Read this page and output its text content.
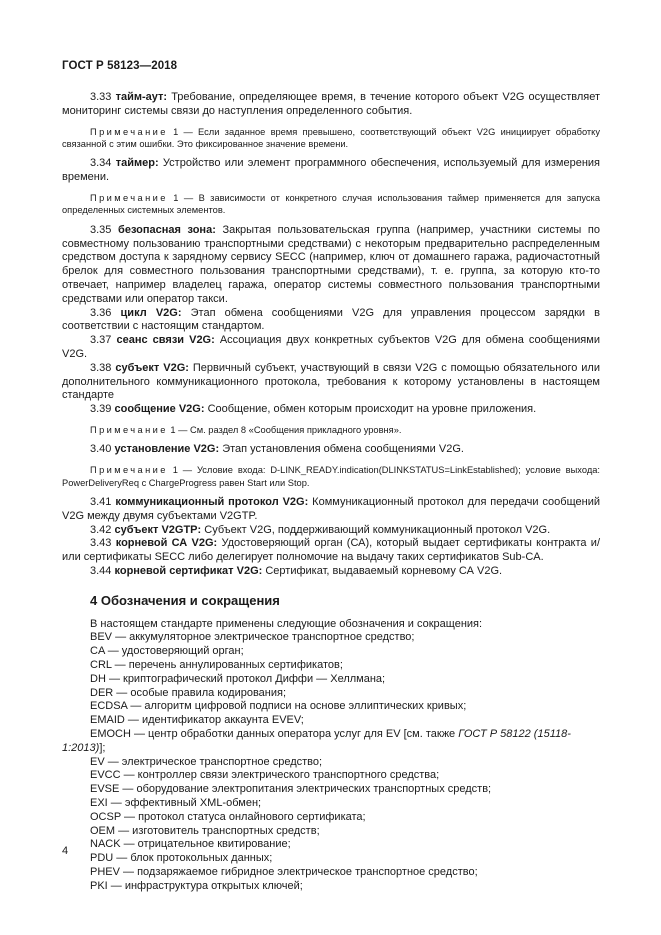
ГОСТ Р 58123—2018

3.33 тайм-аут: Требование, определяющее время, в течение которого объект V2G осуществляет мониторинг системы связи до наступления определенного события.

Примечание 1 — Если заданное время превышено, соответствующий объект V2G инициирует обработку связанной с этим ошибки. Это фиксированное значение времени.

3.34 таймер: Устройство или элемент программного обеспечения, используемый для измерения времени.

Примечание 1 — В зависимости от конкретного случая использования таймер применяется для запуска определенных системных элементов.

3.35 безопасная зона: Закрытая пользовательская группа (например, участники системы по совместному пользованию транспортными средствами) с некоторым предварительно распределенным средством доступа к зарядному сервису SECC (например, ключ от домашнего гаража, радиочастотный брелок для совместного пользования транспортными средствами), т. е. группа, за которую кто-то отвечает, например владелец гаража, оператор системы совместного пользования транспортными средствами или оператор такси.

3.36 цикл V2G: Этап обмена сообщениями V2G для управления процессом зарядки в соответствии с настоящим стандартом.

3.37 сеанс связи V2G: Ассоциация двух конкретных субъектов V2G для обмена сообщениями V2G.

3.38 субъект V2G: Первичный субъект, участвующий в связи V2G с помощью обязательного или дополнительного коммуникационного протокола, требования к которому установлены в настоящем стандарте

3.39 сообщение V2G: Сообщение, обмен которым происходит на уровне приложения.

Примечание 1 — См. раздел 8 «Сообщения прикладного уровня».

3.40 установление V2G: Этап установления обмена сообщениями V2G.

Примечание 1 — Условие входа: D-LINK_READY.indication(DLINKSTATUS=LinkEstablished); условие выхода: PowerDeliveryReq с ChargeProgress равен Start или Stop.

3.41 коммуникационный протокол V2G: Коммуникационный протокол для передачи сообщений V2G между двумя субъектами V2GTP.

3.42 субъект V2GTP: Субъект V2G, поддерживающий коммуникационный протокол V2G.

3.43 корневой СА V2G: Удостоверяющий орган (СА), который выдает сертификаты контракта и/или сертификаты SECC либо делегирует полномочие на выдачу таких сертификатов Sub-CA.

3.44 корневой сертификат V2G: Сертификат, выдаваемый корневому СА V2G.

4 Обозначения и сокращения

В настоящем стандарте применены следующие обозначения и сокращения:

BEV — аккумуляторное электрическое транспортное средство;

CA — удостоверяющий орган;

CRL — перечень аннулированных сертификатов;

DH — криптографический протокол Диффи — Хеллмана;

DER — особые правила кодирования;

ECDSA — алгоритм цифровой подписи на основе эллиптических кривых;

EMAID — идентификатор аккаунта EVEV;

EMOCH — центр обработки данных оператора услуг для EV [см. также ГОСТ Р 58122 (15118-1:2013)];

EV — электрическое транспортное средство;

EVCC — контроллер связи электрического транспортного средства;

EVSE — оборудование электропитания электрических транспортных средств;

EXI — эффективный XML-обмен;

OCSP — протокол статуса онлайнового сертификата;

OEM — изготовитель транспортных средств;

NACK — отрицательное квитирование;

PDU — блок протокольных данных;

PHEV — подзаряжаемое гибридное электрическое транспортное средство;

PKI — инфраструктура открытых ключей;

4
